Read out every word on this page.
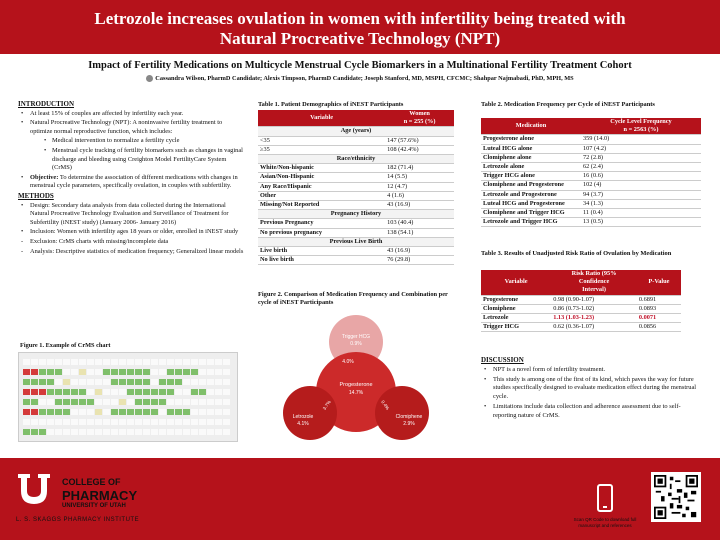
Letrozole increases ovulation in women with infertility being treated with
Natural Procreative Technology (NPT)
Impact of Fertility Medications on Multicycle Menstrual Cycle Biomarkers in a Multinational Fertility Treatment Cohort
Cassandra Wilson, PharmD Candidate; Alexis Timpson, PharmD Candidate; Joseph Stanford, MD, MSPH, CFCMC; Shahpar Najmabadi, PhD, MPH, MS
INTRODUCTION
• At least 15% of couples are affected by infertility each year.
• Natural Procreative Technology (NPT): A noninvasive fertility treatment to optimize normal reproductive function, which includes:
• Medical intervention to normalize a fertility cycle
• Menstrual cycle tracking of fertility biomarkers such as changes in vaginal discharge and bleeding using Creighton Model FertilityCare System (CrMS)
• Objective: To determine the association of different medications with changes in menstrual cycle parameters, specifically ovulation, in couples with subfertility.
METHODS
• Design: Secondary data analysis from data collected during the International Natural Procreative Technology Evaluation and Surveillance of Treatment for Subfertility (iNEST study) (January 2006- January 2016)
• Inclusion: Women with infertility ages 18 years or older, enrolled in iNEST study
- Exclusion: CrMS charts with missing/incomplete data
- Analysis: Descriptive statistics of medication frequency; Generalized linear models
Figure 1. Example of CrMS chart
Table 1. Patient Demographics of iNEST Participants
Variable	Women
n = 255 (%)
Age (years)	
<35	147 (57.6%)
≥35	108 (42.4%)
Race/ethnicity	
White/Non-hispanic	182 (71.4)
Asian/Non-Hispanic	14 (5.5)
Any Race/Hispanic	12 (4.7)
Other	4 (1.6)
Missing/Not Reported	43 (16.9)
Pregnancy History	
Previous Pregnancy	103 (40.4)
No previous pregnancy	138 (54.1)
Previous Live Birth	
Live birth	43 (16.9)
No live birth	76 (29.8)
Figure 2. Comparison of Medication Frequency and Combination per cycle of iNEST Participants
Trigger HCG
0.9%
4.0%
Progesterone
14.7%
3.7%	0.4%
Letrozole
4.1%
Clomiphene
2.9%
Table 2. Medication Frequency per Cycle of iNEST Participants
Medication	Cycle Level Frequency
n = 2563 (%)
Progesterone alone	359 (14.0)
Luteal HCG alone	107 (4.2)
Clomiphene alone	72 (2.8)
Letrozole alone	62 (2.4)
Trigger HCG alone	16 (0.6)
Clomiphene and Progesterone	102 (4)
Letrozole and Progesterone	94 (3.7)
Luteal HCG and Progesterone	34 (1.3)
Clomiphene and Trigger HCG	11 (0.4)
Letrozole and Trigger HCG	13 (0.5)
Table 3. Results of Unadjusted Risk Ratio of Ovulation by Medication
Variable	Risk Ratio (95%
Confidence
Interval)	P-Value
Progesterone	0.98 (0.90-1.07)	0.6891
Clomiphene	0.86 (0.73-1.02)	0.0893
Letrozole	1.13 (1.03-1.23)	0.0071
Trigger HCG	0.62 (0.36-1.07)	0.0856
DISCUSSION
• NPT is a novel form of infertility treatment.
• This study is among one of the first of its kind, which paves the way for future studies specifically designed to evaluate medication effect during the menstrual cycle.
• Limitations include data collection and adherence assessment due to self-reporting nature of CrMS.
COLLEGE OF
PHARMACY
UNIVERSITY OF UTAH
L. S. SKAGGS PHARMACY INSTITUTE	Scan QR Code to download full manuscript and references
